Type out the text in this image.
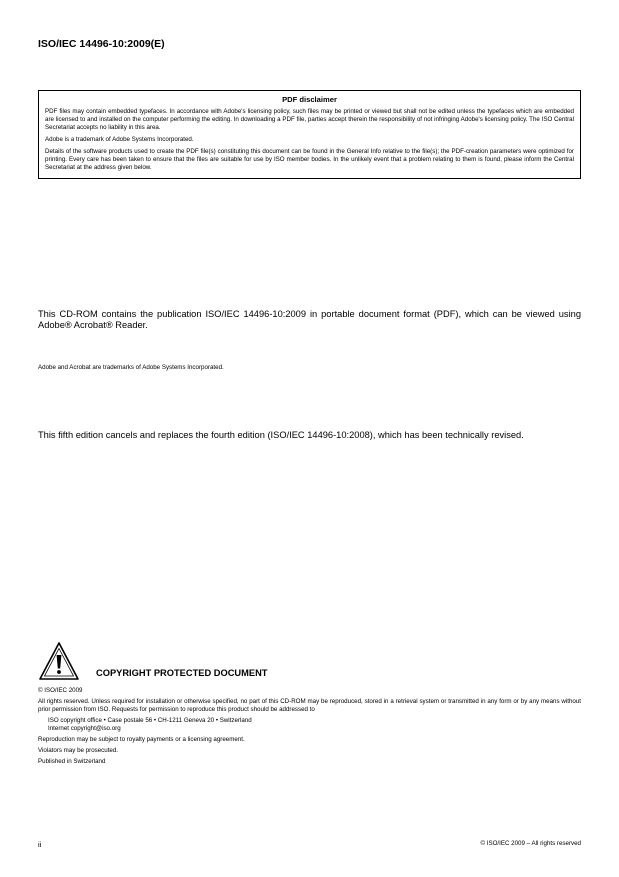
ISO/IEC 14496-10:2009(E)
PDF disclaimer

PDF files may contain embedded typefaces. In accordance with Adobe's licensing policy, such files may be printed or viewed but shall not be edited unless the typefaces which are embedded are licensed to and installed on the computer performing the editing. In downloading a PDF file, parties accept therein the responsibility of not infringing Adobe's licensing policy. The ISO Central Secretariat accepts no liability in this area.

Adobe is a trademark of Adobe Systems Incorporated.

Details of the software products used to create the PDF file(s) constituting this document can be found in the General Info relative to the file(s); the PDF-creation parameters were optimized for printing. Every care has been taken to ensure that the files are suitable for use by ISO member bodies. In the unlikely event that a problem relating to them is found, please inform the Central Secretariat at the address given below.

This CD-ROM contains the publication ISO/IEC 14496-10:2009 in portable document format (PDF), which can be viewed using Adobe® Acrobat® Reader.
Adobe and Acrobat are trademarks of Adobe Systems Incorporated.
This fifth edition cancels and replaces the fourth edition (ISO/IEC 14496-10:2008), which has been technically revised.
COPYRIGHT PROTECTED DOCUMENT

© ISO/IEC 2009

All rights reserved. Unless required for installation or otherwise specified, no part of this CD-ROM may be reproduced, stored in a retrieval system or transmitted in any form or by any means without prior permission from ISO. Requests for permission to reproduce this product should be addressed to

ISO copyright office • Case postale 56 • CH-1211 Geneva 20 • Switzerland
Internet copyright@iso.org

Reproduction may be subject to royalty payments or a licensing agreement.

Violators may be prosecuted.

Published in Switzerland

ii	© ISO/IEC 2009 – All rights reserved
